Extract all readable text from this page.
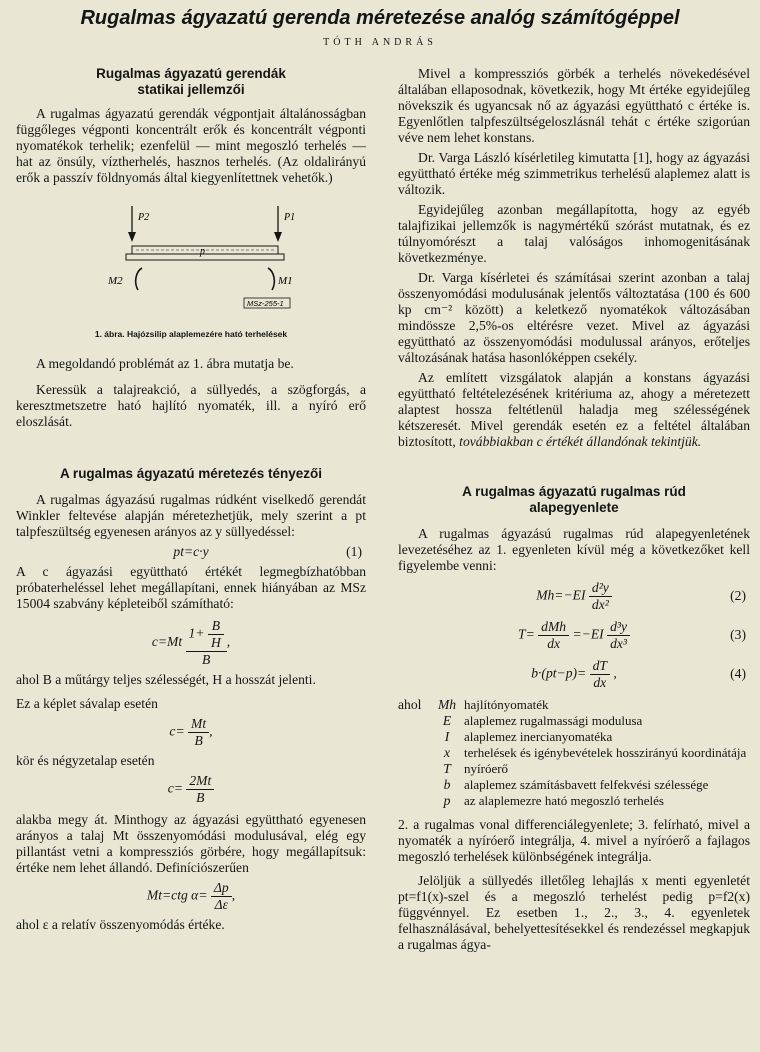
Rugalmas ágyazatú gerenda méretezése analóg számítógéppel
TÓTH ANDRÁS
Rugalmas ágyazatú gerendák
statikai jellemzői

A rugalmas ágyazatú gerendák végpontjait általánosságban függőleges végponti koncentrált erők és koncentrált végponti nyomatékok terhelik; ezenfelül — mint megoszló terhelés — hat az önsúly, víztherhelés, hasznos terhelés. (Az oldalirányú erők a passzív földnyomás által kiegyenlítettnek vehetők.)

P2	P1
p
M2	M1
MSz-255-1
1. ábra. Hajózsilip alaplemezére ható terhelések

A megoldandó problémát az 1. ábra mutatja be.

Keressük a talajreakció, a süllyedés, a szögforgás, a keresztmetszetre ható hajlító nyomaték, ill. a nyíró erő eloszlását.

A rugalmas ágyazatú méretezés tényezői

A rugalmas ágyazású rugalmas rúdként viselkedő gerendát Winkler feltevése alapján méretezhetjük, mely szerint a pt talpfeszültség egyenesen arányos az y süllyedéssel:

pt=c·y	(1)

A c ágyazási együttható értékét legmegbízhatóbban próbaterheléssel lehet megállapítani, ennek hiányában az MSz 15004 szabvány képleteiből számítható:

$c=Mt \frac{1+ \frac{B}{H}}{B}$ ,

ahol B a műtárgy teljes szélességét, H a hosszát jelenti.

Ez a képlet sávalap esetén

$c= \frac{Mt}{B}$ ,

kör és négyzetalap esetén

$c= \frac{2Mt}{B}$

alakba megy át. Minthogy az ágyazási együttható egyenesen arányos a talaj Mt összenyomódási modulusával, elég egy pillantást vetni a kompressziós görbére, hogy megállapítsuk: értéke nem lehet állandó. Definíciószerűen

Mt=ctg $\alpha= \frac{\Delta p}{\Delta\varepsilon}$ ,

ahol ε a relatív összenyomódás értéke.

Mivel a kompressziós görbék a terhelés növekedésével általában ellaposodnak, következik, hogy Mt értéke egyidejűleg növekszik és ugyancsak nő az ágyazási együttható c értéke is. Egyenlőtlen talpfeszültségeloszlásnál tehát c értéke szigorúan véve nem lehet konstans.

Dr. Varga László kísérletileg kimutatta [1], hogy az ágyazási együttható értéke még szimmetrikus terhelésű alaplemez alatt is változik.

Egyidejűleg azonban megállapította, hogy az egyéb talajfizikai jellemzők is nagymértékű szórást mutatnak, és ez túlnyomórészt a talaj valóságos inhomogenitásának következménye.

Dr. Varga kísérletei és számításai szerint azonban a talaj összenyomódási modulusának jelentős változtatása (100 és 600 kp cm⁻² között) a keletkező nyomatékok változásában mindössze 2,5%-os eltérésre vezet. Mivel az ágyazási együttható az összenyomódási modulussal arányos, erőteljes változásának hatása hasonlóképpen csekély.

Az említett vizsgálatok alapján a konstans ágyazási együttható feltételezésének kritériuma az, ahogy a méretezett alaptest hossza feltétlenül haladja meg szélességének kétszeresét. Mivel gerendák esetén ez a feltétel általában biztosított, továbbiakban c értékét állandónak tekintjük.

A rugalmas ágyazatú rugalmas rúd
alapegyenlete

A rugalmas ágyazású rugalmas rúd alapegyenletének levezetéséhez az 1. egyenleten kívül még a következőket kell figyelembe venni:

$Mh=-EI \frac{\text{d²y}}{\text{dx²}}$	(2)
$T= \frac{\text{dMh}}{dx} =-EI \frac{\text{d³y}}{\text{dx³}}$	(3)
$b\cdot(pt-p)= \frac{dT}{dx}$ ,	(4)
ahol	Mh hajlítónyomaték
E alaplemez rugalmassági modulusa
I	alaplemez inercianyomatéka
x	terhelések és igénybevételek hosszirányú koordinátája
T	nyíróerő
b	alaplemez számításbavett felfekvési szélessége
p	az alaplemezre ható megoszló terhelés

2. a rugalmas vonal differenciálegyenlete; 3. felírható, mivel a nyomaték a nyíróerő integrálja, 4. mivel a nyíróerő a fajlagos megoszló terhelések különbségének integrálja.

Jelöljük a süllyedés illetőleg lehajlás x menti egyenletét pt=f1(x)-szel és a megoszló terhelést pedig p=f2(x) függvénnyel. Ez esetben 1., 2., 3., 4. egyenletek felhasználásával, behelyettesítésekkel és rendezéssel megkapjuk a rugalmas ágya-
